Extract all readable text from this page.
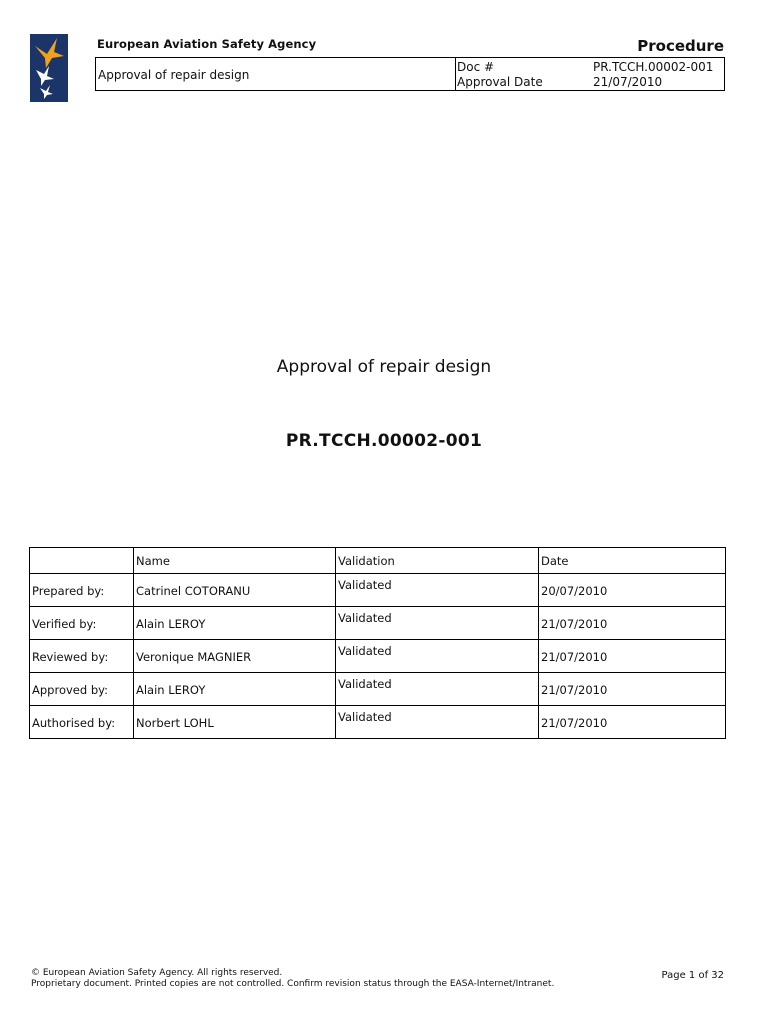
European Aviation Safety Agency	Procedure
Approval of repair design
Doc #	PR.TCCH.00002-001
Approval Date	21/07/2010
Approval of repair design
PR.TCCH.00002-001
	Name	Validation	Date
Prepared by:	Catrinel COTORANU	Validated	20/07/2010
Verified by:	Alain LEROY	Validated	21/07/2010
Reviewed by:	Veronique MAGNIER	Validated	21/07/2010
Approved by:	Alain LEROY	Validated	21/07/2010
Authorised by:	Norbert LOHL	Validated	21/07/2010
© European Aviation Safety Agency. All rights reserved.
Proprietary document. Printed copies are not controlled. Confirm revision status through the EASA-Internet/Intranet.
Page 1 of 32
